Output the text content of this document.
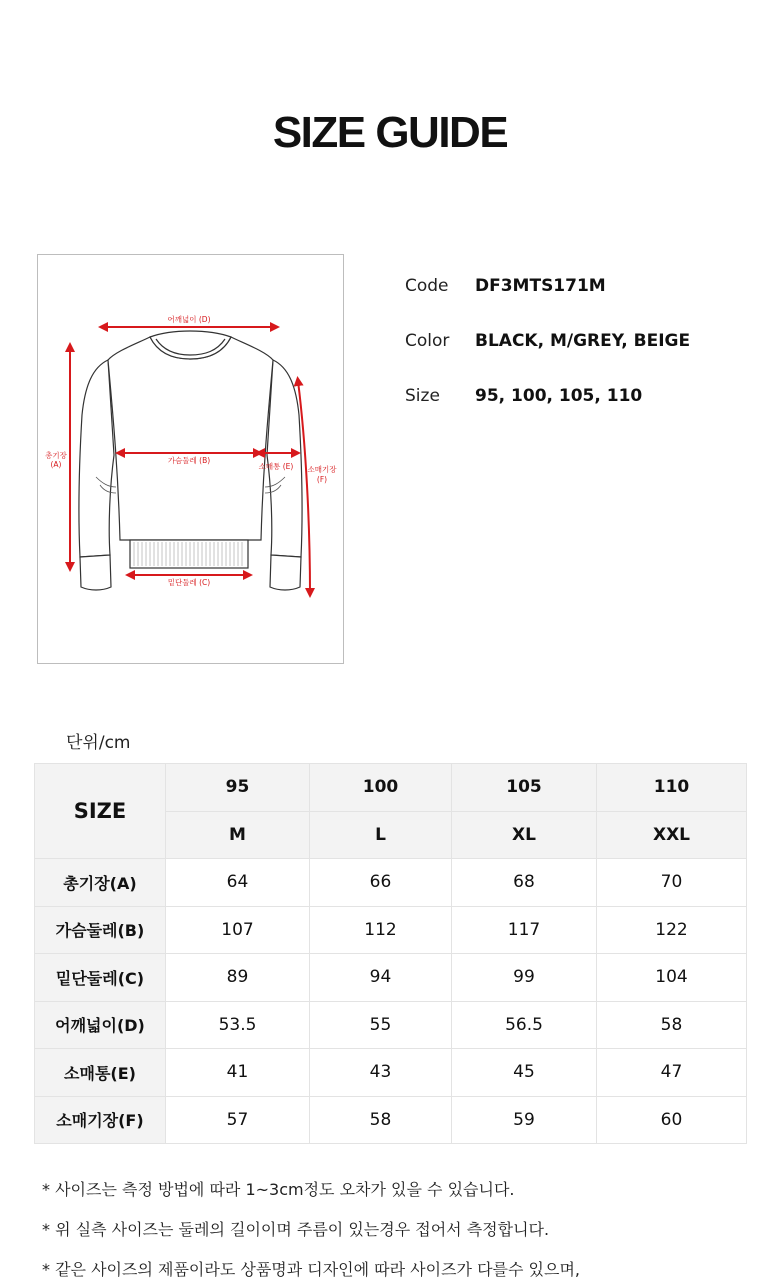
SIZE GUIDE
어깨넓이 (D)
가슴둘레 (B)
밑단둘레 (C)
총기장
(A)	소매통 (E) 소매기장
(F)
Code	DF3MTS171M
Color	BLACK, M/GREY, BEIGE
Size	95, 100, 105, 110
단위/cm
SIZE	95	100	105	110
	M	L	XL	XXL
총기장(A)	64	66	68	70
가슴둘레(B)	107	112	117	122
밑단둘레(C)	89	94	99	104
어깨넓이(D)	53.5	55	56.5	58
소매통(E)	41	43	45	47
소매기장(F)	57	58	59	60
* 사이즈는 측정 방법에 따라 1~3cm정도 오차가 있을 수 있습니다.
* 위 실측 사이즈는 둘레의 길이이며 주름이 있는경우 접어서 측정합니다.
* 같은 사이즈의 제품이라도 상품명과 디자인에 따라 사이즈가 다를수 있으며,
